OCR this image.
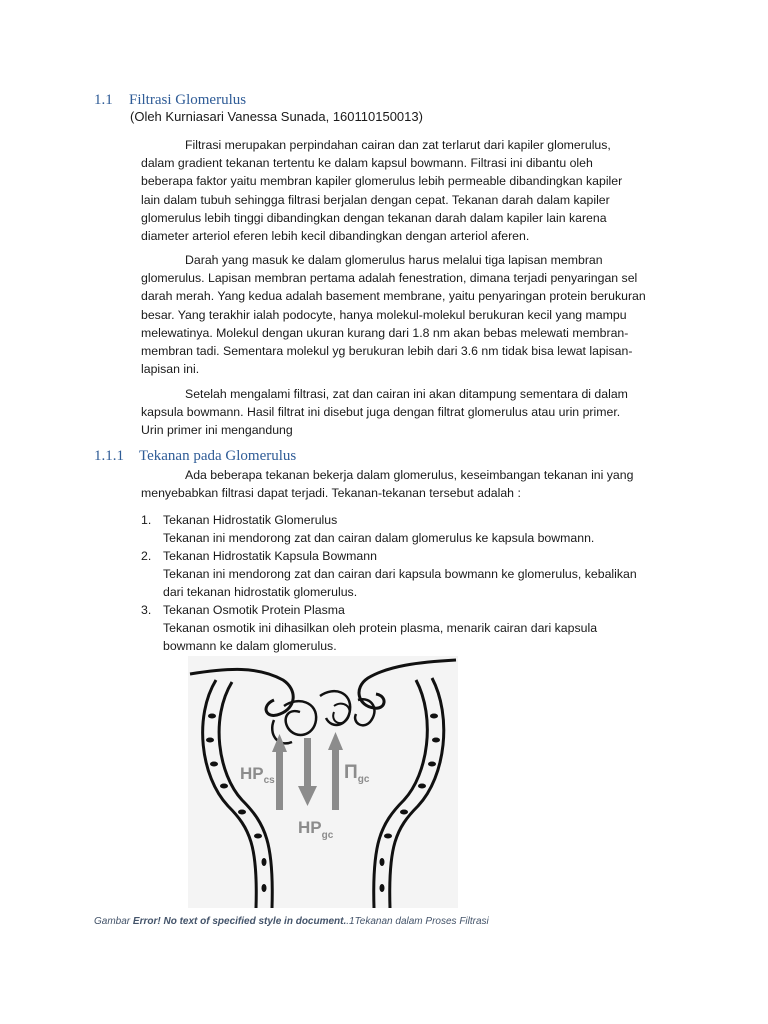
1.1 Filtrasi Glomerulus
(Oleh Kurniasari Vanessa Sunada, 160110150013)
Filtrasi merupakan perpindahan cairan dan zat terlarut dari kapiler glomerulus,
dalam gradient tekanan tertentu ke dalam kapsul bowmann. Filtrasi ini dibantu oleh
beberapa faktor yaitu membran kapiler glomerulus lebih permeable dibandingkan kapiler
lain dalam tubuh sehingga filtrasi berjalan dengan cepat. Tekanan darah dalam kapiler
glomerulus lebih tinggi dibandingkan dengan tekanan darah dalam kapiler lain karena
diameter arteriol eferen lebih kecil dibandingkan dengan arteriol aferen.
Darah yang masuk ke dalam glomerulus harus melalui tiga lapisan membran
glomerulus. Lapisan membran pertama adalah fenestration, dimana terjadi penyaringan sel
darah merah. Yang kedua adalah basement membrane, yaitu penyaringan protein berukuran
besar. Yang terakhir ialah podocyte, hanya molekul-molekul berukuran kecil yang mampu
melewatinya. Molekul dengan ukuran kurang dari 1.8 nm akan bebas melewati membran-
membran tadi. Sementara molekul yg berukuran lebih dari 3.6 nm tidak bisa lewat lapisan-
lapisan ini.
Setelah mengalami filtrasi, zat dan cairan ini akan ditampung sementara di dalam
kapsula bowmann. Hasil filtrat ini disebut juga dengan filtrat glomerulus atau urin primer.
Urin primer ini mengandung
1.1.1 Tekanan pada Glomerulus
Ada beberapa tekanan bekerja dalam glomerulus, keseimbangan tekanan ini yang
menyebabkan filtrasi dapat terjadi. Tekanan-tekanan tersebut adalah :
1. Tekanan Hidrostatik Glomerulus
Tekanan ini mendorong zat dan cairan dalam glomerulus ke kapsula bowmann.
2. Tekanan Hidrostatik Kapsula Bowmann
Tekanan ini mendorong zat dan cairan dari kapsula bowmann ke glomerulus, kebalikan
dari tekanan hidrostatik glomerulus.
3. Tekanan Osmotik Protein Plasma
Tekanan osmotik ini dihasilkan oleh protein plasma, menarik cairan dari kapsula
bowmann ke dalam glomerulus.
$HP_{cs}$	$\Pi_{gc}$
$HP_{gc}$
Gambar Error! No text of specified style in document..1Tekanan dalam Proses Filtrasi
